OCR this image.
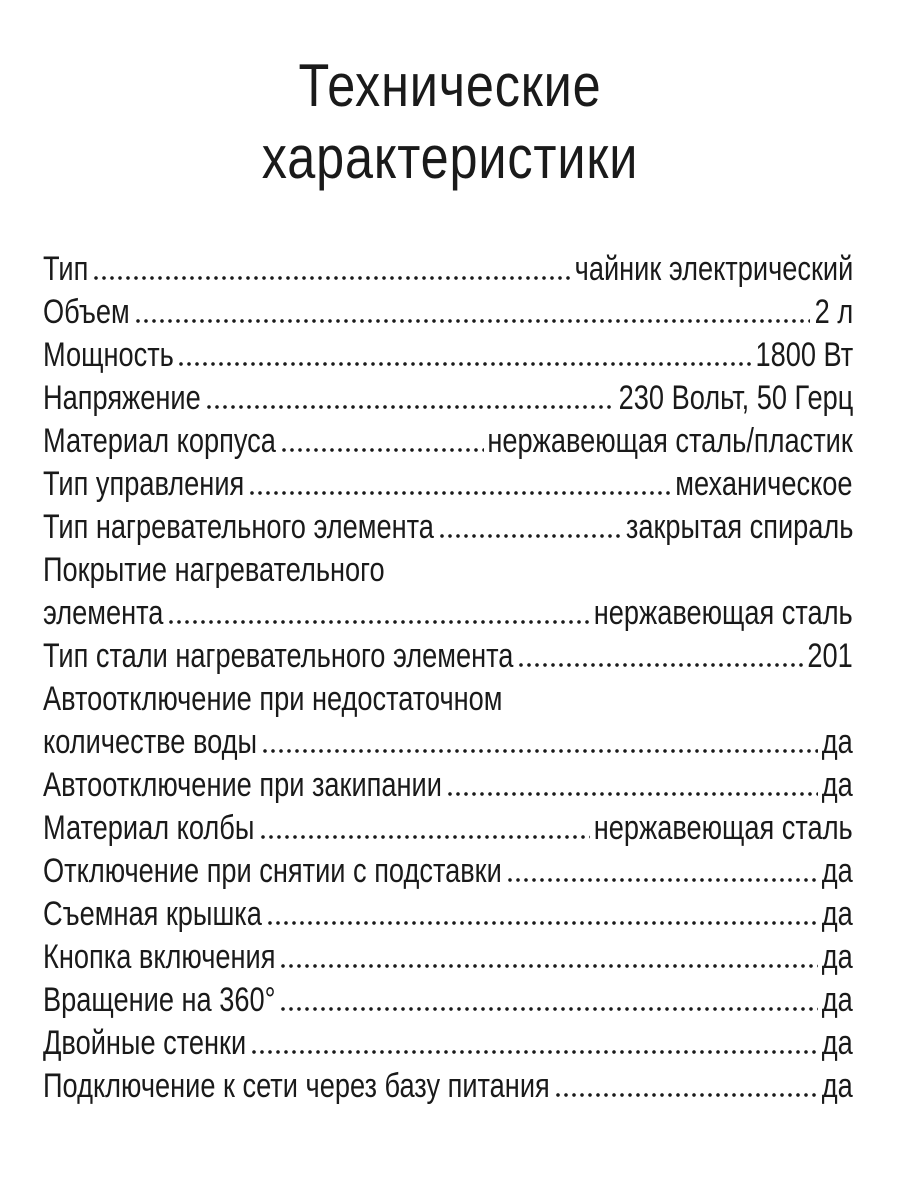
Технические
характеристики
Тип	чайник электрический
Объем	2 л
Мощность	1800 Вт
Напряжение	230 Вольт, 50 Герц
Материал корпуса	нержавеющая сталь/пластик
Тип управления	механическое
Тип нагревательного элемента	закрытая спираль
Покрытие нагревательного
элемента	нержавеющая сталь
Тип стали нагревательного элемента	201
Автоотключение при недостаточном
количестве воды	да
Автоотключение при закипании	да
Материал колбы	нержавеющая сталь
Отключение при снятии с подставки	да
Съемная крышка	да
Кнопка включения	да
Вращение на 360°	да
Двойные стенки	да
Подключение к сети через базу питания	да
